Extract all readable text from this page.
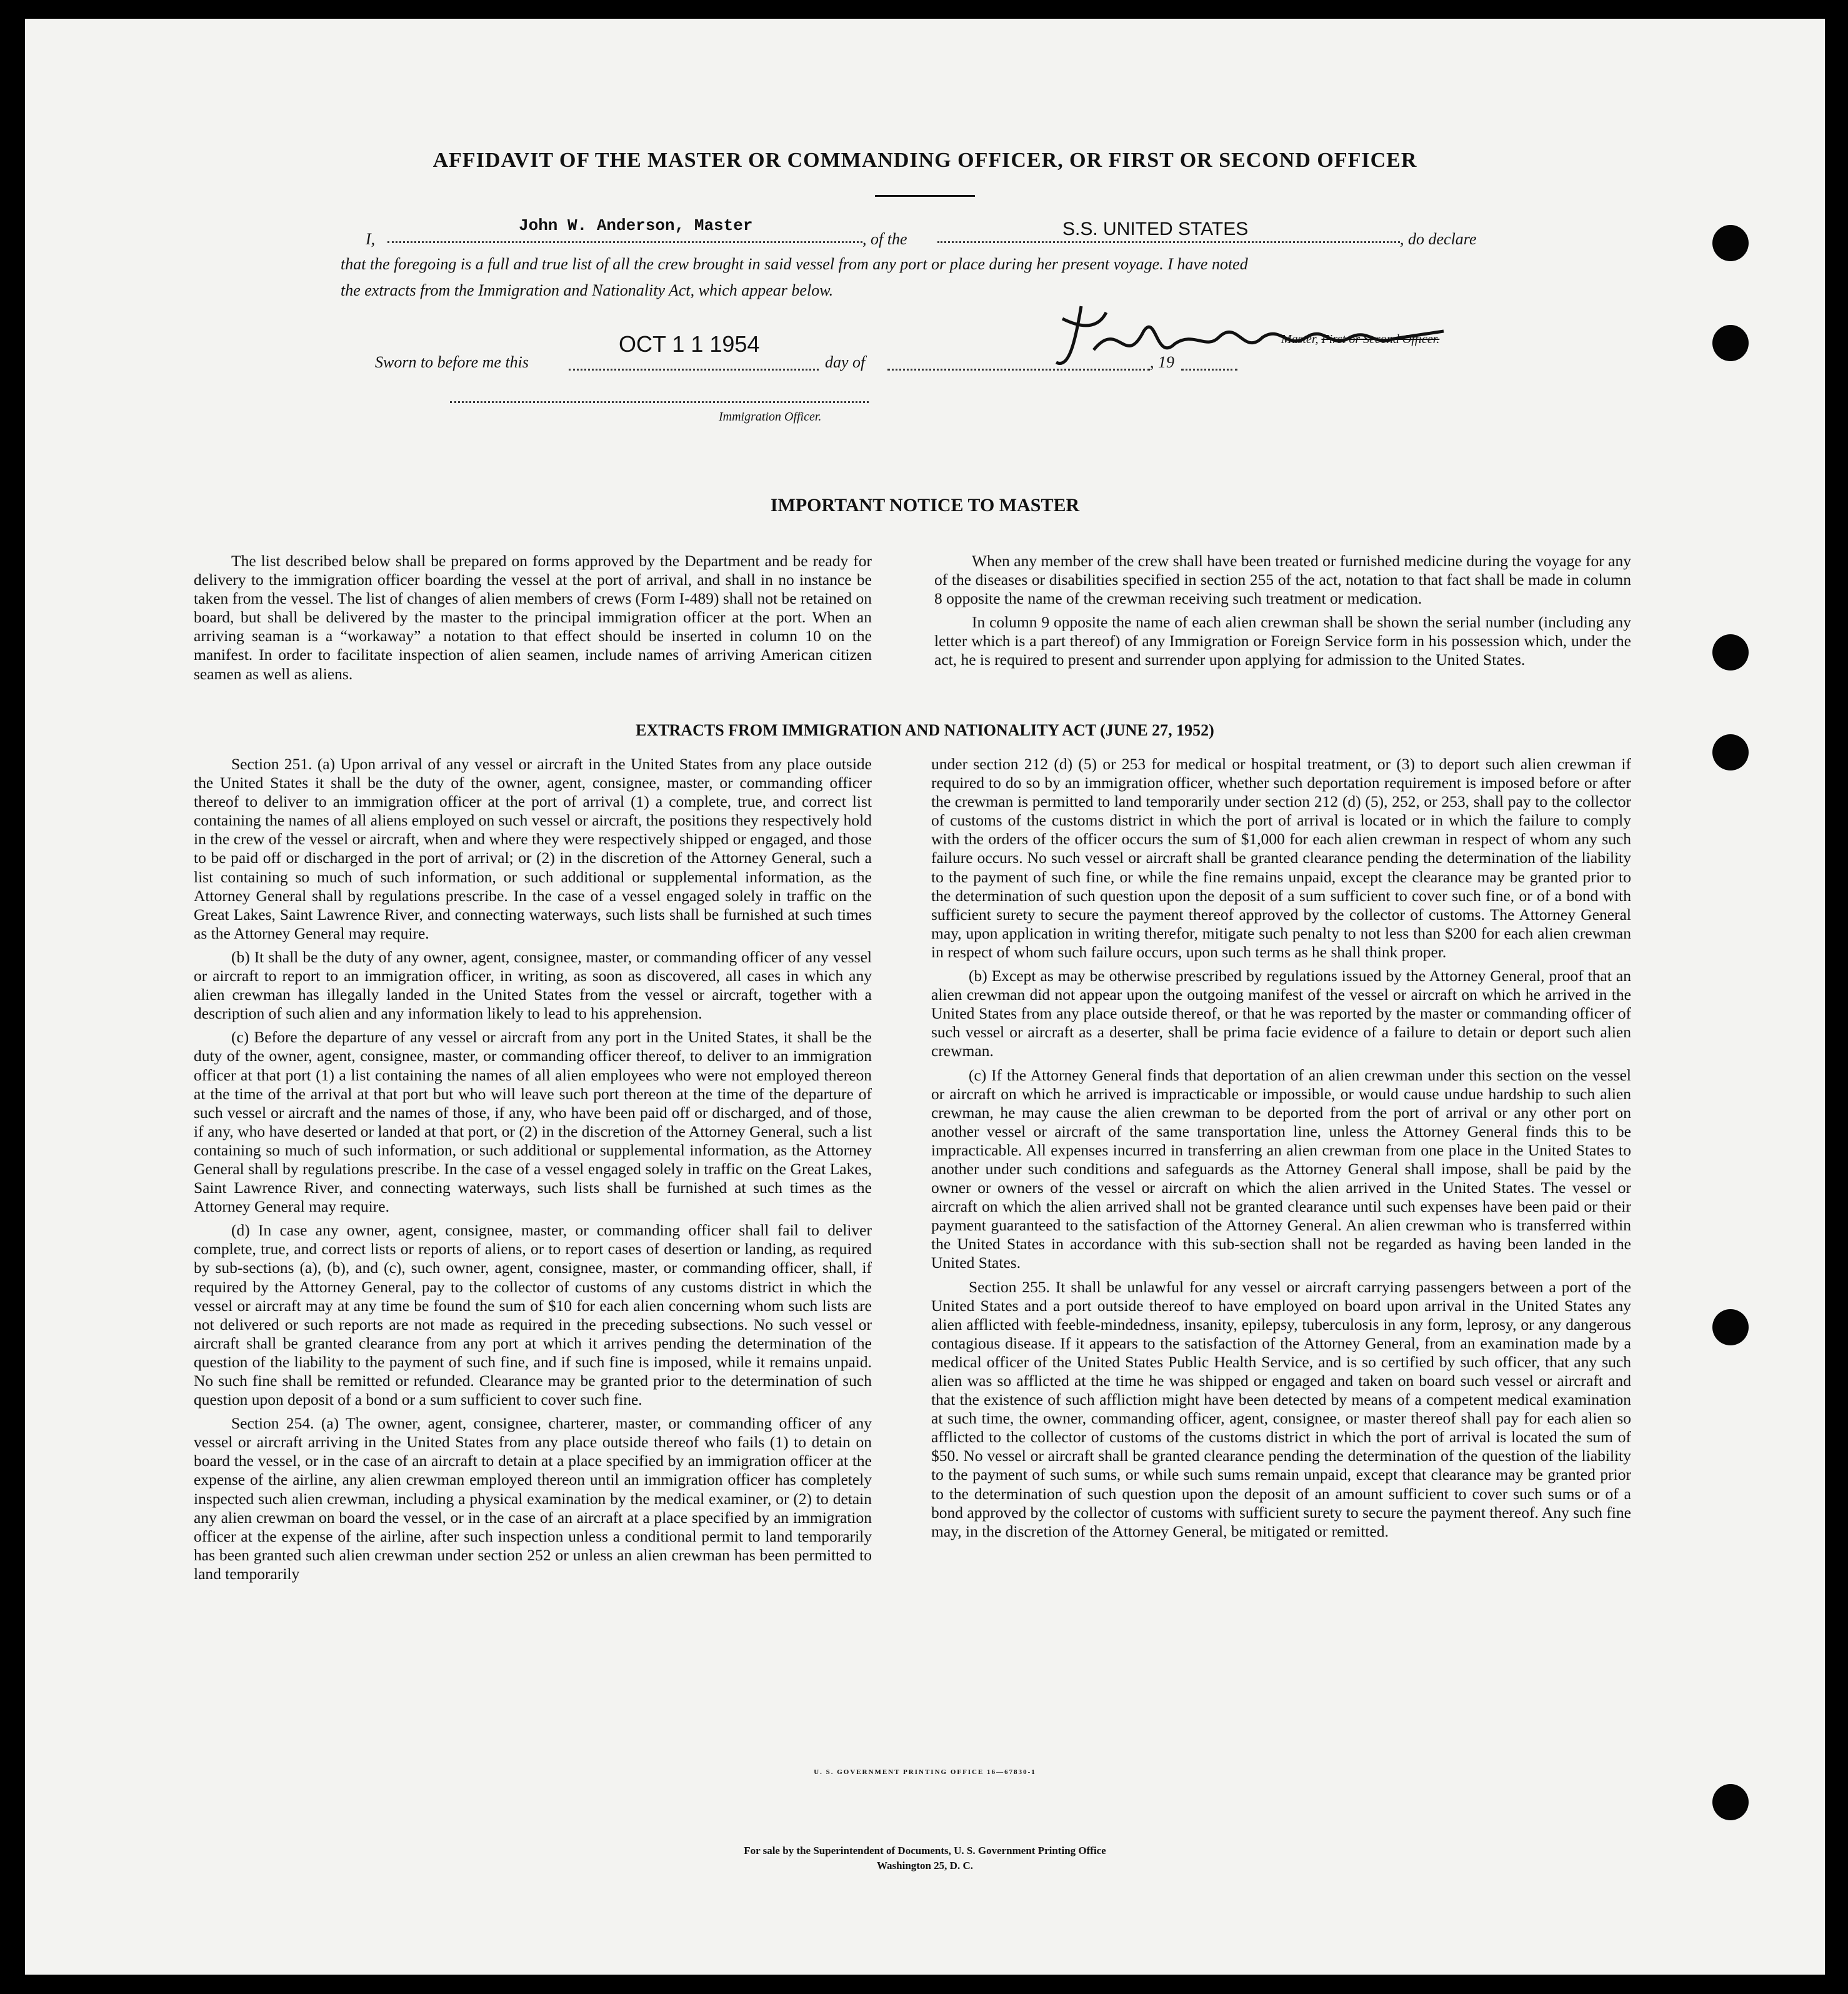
AFFIDAVIT OF THE MASTER OR COMMANDING OFFICER, OR FIRST OR SECOND OFFICER
I,
John W. Anderson, Master
, of the	S.S. UNITED STATES	, do declare
that the foregoing is a full and true list of all the crew brought in said vessel from any port or place during her present voyage. I have noted
the extracts from the Immigration and Nationality Act, which appear below.
Master, First or Second Officer.
Sworn to before me this
OCT 1 1 1954
day of	, 19
Immigration Officer.
IMPORTANT NOTICE TO MASTER

The list described below shall be prepared on forms approved by the Department and be ready for delivery to the immigration officer boarding the vessel at the port of arrival, and shall in no instance be taken from the vessel. The list of changes of alien members of crews (Form I-489) shall not be retained on board, but shall be delivered by the master to the principal immigration officer at the port. When an arriving seaman is a “workaway” a notation to that effect should be inserted in column 10 on the manifest. In order to facilitate inspection of alien seamen, include names of arriving American citizen seamen as well as aliens.

When any member of the crew shall have been treated or furnished medicine during the voyage for any of the diseases or disabilities specified in section 255 of the act, notation to that fact shall be made in column 8 opposite the name of the crewman receiving such treatment or medication.

In column 9 opposite the name of each alien crewman shall be shown the serial number (including any letter which is a part thereof) of any Immigration or Foreign Service form in his possession which, under the act, he is required to present and surrender upon applying for admission to the United States.

EXTRACTS FROM IMMIGRATION AND NATIONALITY ACT (JUNE 27, 1952)

Section 251. (a) Upon arrival of any vessel or aircraft in the United States from any place outside the United States it shall be the duty of the owner, agent, consignee, master, or commanding officer thereof to deliver to an immigration officer at the port of arrival (1) a complete, true, and correct list containing the names of all aliens employed on such vessel or aircraft, the positions they respectively hold in the crew of the vessel or aircraft, when and where they were respectively shipped or engaged, and those to be paid off or discharged in the port of arrival; or (2) in the discretion of the Attorney General, such a list containing so much of such information, or such additional or supplemental information, as the Attorney General shall by regulations prescribe. In the case of a vessel engaged solely in traffic on the Great Lakes, Saint Lawrence River, and connecting waterways, such lists shall be furnished at such times as the Attorney General may require.

(b) It shall be the duty of any owner, agent, consignee, master, or commanding officer of any vessel or aircraft to report to an immigration officer, in writing, as soon as discovered, all cases in which any alien crewman has illegally landed in the United States from the vessel or aircraft, together with a description of such alien and any information likely to lead to his apprehension.

(c) Before the departure of any vessel or aircraft from any port in the United States, it shall be the duty of the owner, agent, consignee, master, or commanding officer thereof, to deliver to an immigration officer at that port (1) a list containing the names of all alien employees who were not employed thereon at the time of the arrival at that port but who will leave such port thereon at the time of the departure of such vessel or aircraft and the names of those, if any, who have been paid off or discharged, and of those, if any, who have deserted or landed at that port, or (2) in the discretion of the Attorney General, such a list containing so much of such information, or such additional or supplemental information, as the Attorney General shall by regulations prescribe. In the case of a vessel engaged solely in traffic on the Great Lakes, Saint Lawrence River, and connecting waterways, such lists shall be furnished at such times as the Attorney General may require.

(d) In case any owner, agent, consignee, master, or commanding officer shall fail to deliver complete, true, and correct lists or reports of aliens, or to report cases of desertion or landing, as required by sub-sections (a), (b), and (c), such owner, agent, consignee, master, or commanding officer, shall, if required by the Attorney General, pay to the collector of customs of any customs district in which the vessel or aircraft may at any time be found the sum of $10 for each alien concerning whom such lists are not delivered or such reports are not made as required in the preceding subsections. No such vessel or aircraft shall be granted clearance from any port at which it arrives pending the determination of the question of the liability to the payment of such fine, and if such fine is imposed, while it remains unpaid. No such fine shall be remitted or refunded. Clearance may be granted prior to the determination of such question upon deposit of a bond or a sum sufficient to cover such fine.

Section 254. (a) The owner, agent, consignee, charterer, master, or commanding officer of any vessel or aircraft arriving in the United States from any place outside thereof who fails (1) to detain on board the vessel, or in the case of an aircraft to detain at a place specified by an immigration officer at the expense of the airline, any alien crewman employed thereon until an immigration officer has completely inspected such alien crewman, including a physical examination by the medical examiner, or (2) to detain any alien crewman on board the vessel, or in the case of an aircraft at a place specified by an immigration officer at the expense of the airline, after such inspection unless a conditional permit to land temporarily has been granted such alien crewman under section 252 or unless an alien crewman has been permitted to land temporarily

under section 212 (d) (5) or 253 for medical or hospital treatment, or (3) to deport such alien crewman if required to do so by an immigration officer, whether such deportation requirement is imposed before or after the crewman is permitted to land temporarily under section 212 (d) (5), 252, or 253, shall pay to the collector of customs of the customs district in which the port of arrival is located or in which the failure to comply with the orders of the officer occurs the sum of $1,000 for each alien crewman in respect of whom any such failure occurs. No such vessel or aircraft shall be granted clearance pending the determination of the liability to the payment of such fine, or while the fine remains unpaid, except the clearance may be granted prior to the determination of such question upon the deposit of a sum sufficient to cover such fine, or of a bond with sufficient surety to secure the payment thereof approved by the collector of customs. The Attorney General may, upon application in writing therefor, mitigate such penalty to not less than $200 for each alien crewman in respect of whom such failure occurs, upon such terms as he shall think proper.

(b) Except as may be otherwise prescribed by regulations issued by the Attorney General, proof that an alien crewman did not appear upon the outgoing manifest of the vessel or aircraft on which he arrived in the United States from any place outside thereof, or that he was reported by the master or commanding officer of such vessel or aircraft as a deserter, shall be prima facie evidence of a failure to detain or deport such alien crewman.

(c) If the Attorney General finds that deportation of an alien crewman under this section on the vessel or aircraft on which he arrived is impracticable or impossible, or would cause undue hardship to such alien crewman, he may cause the alien crewman to be deported from the port of arrival or any other port on another vessel or aircraft of the same transportation line, unless the Attorney General finds this to be impracticable. All expenses incurred in transferring an alien crewman from one place in the United States to another under such conditions and safeguards as the Attorney General shall impose, shall be paid by the owner or owners of the vessel or aircraft on which the alien arrived in the United States. The vessel or aircraft on which the alien arrived shall not be granted clearance until such expenses have been paid or their payment guaranteed to the satisfaction of the Attorney General. An alien crewman who is transferred within the United States in accordance with this sub-section shall not be regarded as having been landed in the United States.

Section 255. It shall be unlawful for any vessel or aircraft carrying passengers between a port of the United States and a port outside thereof to have employed on board upon arrival in the United States any alien afflicted with feeble-mindedness, insanity, epilepsy, tuberculosis in any form, leprosy, or any dangerous contagious disease. If it appears to the satisfaction of the Attorney General, from an examination made by a medical officer of the United States Public Health Service, and is so certified by such officer, that any such alien was so afflicted at the time he was shipped or engaged and taken on board such vessel or aircraft and that the existence of such affliction might have been detected by means of a competent medical examination at such time, the owner, commanding officer, agent, consignee, or master thereof shall pay for each alien so afflicted to the collector of customs of the customs district in which the port of arrival is located the sum of $50. No vessel or aircraft shall be granted clearance pending the determination of the question of the liability to the payment of such sums, or while such sums remain unpaid, except that clearance may be granted prior to the determination of such question upon the deposit of an amount sufficient to cover such sums or of a bond approved by the collector of customs with sufficient surety to secure the payment thereof. Any such fine may, in the discretion of the Attorney General, be mitigated or remitted.

U. S. GOVERNMENT PRINTING OFFICE 16—67830-1
For sale by the Superintendent of Documents, U. S. Government Printing Office
Washington 25, D. C.
